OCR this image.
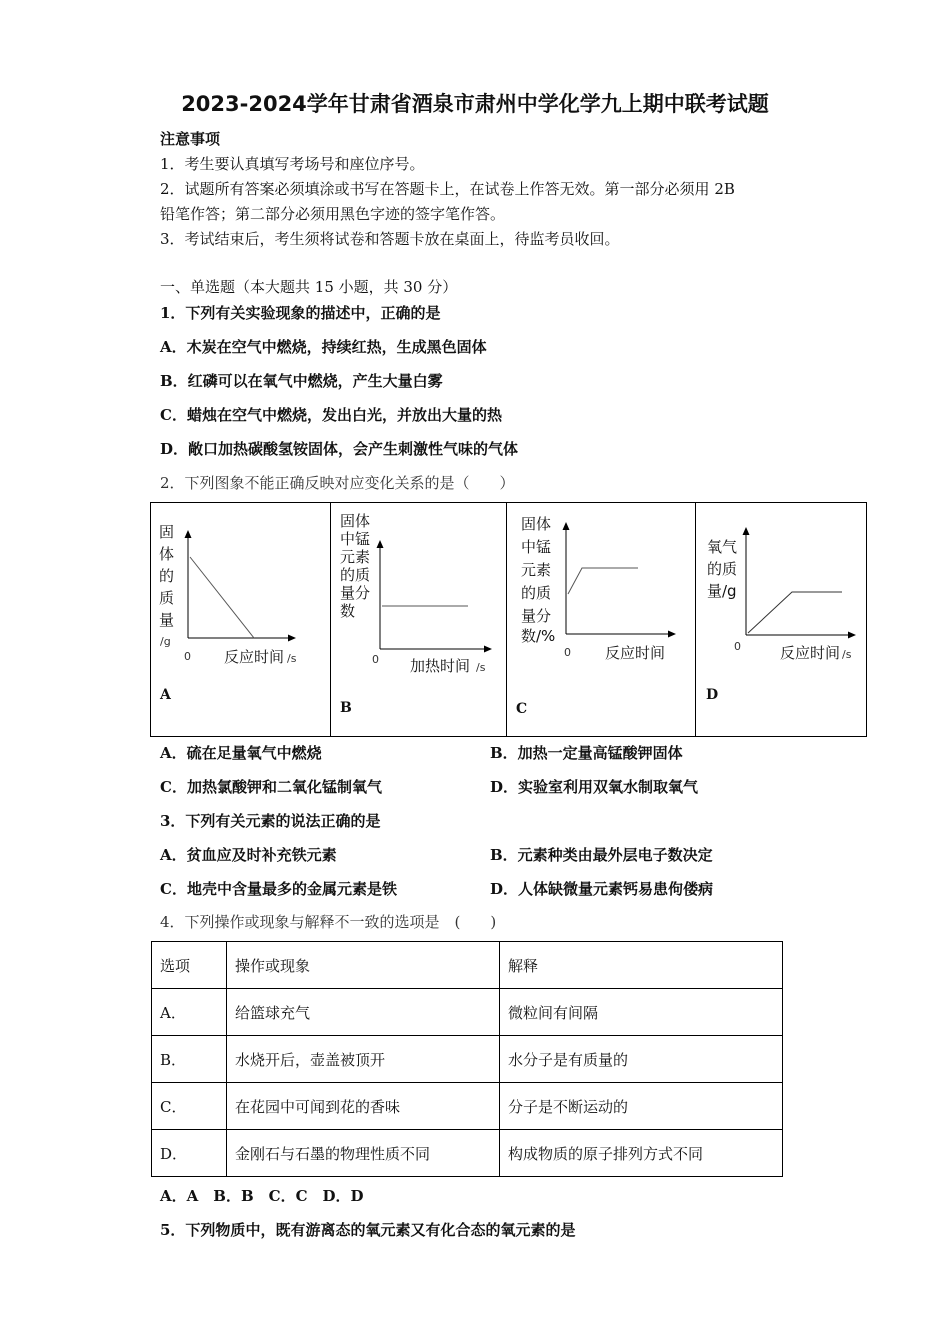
2023-2024学年甘肃省酒泉市肃州中学化学九上期中联考试题
注意事项
1．考生要认真填写考场号和座位序号。
2．试题所有答案必须填涂或书写在答题卡上，在试卷上作答无效。第一部分必须用 2B
铅笔作答；第二部分必须用黑色字迹的签字笔作答。
3．考试结束后，考生须将试卷和答题卡放在桌面上，待监考员收回。
一、单选题（本大题共 15 小题，共 30 分）
1．下列有关实验现象的描述中，正确的是
A．木炭在空气中燃烧，持续红热，生成黑色固体
B．红磷可以在氧气中燃烧，产生大量白雾
C．蜡烛在空气中燃烧，发出白光，并放出大量的热
D．敞口加热碳酸氢铵固体，会产生刺激性气味的气体
2．下列图象不能正确反映对应变化关系的是（　　）
固
体
的
质
量
/g
0 反应时间 /s
A
固体
中锰
元素
的质
量分
数
0 加热时间 /s
B
固体
中锰
元素
的质
量分
数/%
0 反应时间
C
氧气
的质
量/g
0	反应时间 /s
D
A．硫在足量氧气中燃烧	B．加热一定量高锰酸钾固体
C．加热氯酸钾和二氧化锰制氧气	D．实验室利用双氧水制取氧气
3．下列有关元素的说法正确的是
A．贫血应及时补充铁元素	B．元素种类由最外层电子数决定
C．地壳中含量最多的金属元素是铁	D．人体缺微量元素钙易患佝偻病
4．下列操作或现象与解释不一致的选项是　(　　)
选项	操作或现象	解释
A．	给篮球充气	微粒间有间隔
B．	水烧开后，壶盖被顶开	水分子是有质量的
C．	在花园中可闻到花的香味	分子是不断运动的
D．	金刚石与石墨的物理性质不同	构成物质的原子排列方式不同
A．A　B．B　C．C　D．D
5．下列物质中，既有游离态的氧元素又有化合态的氧元素的是
